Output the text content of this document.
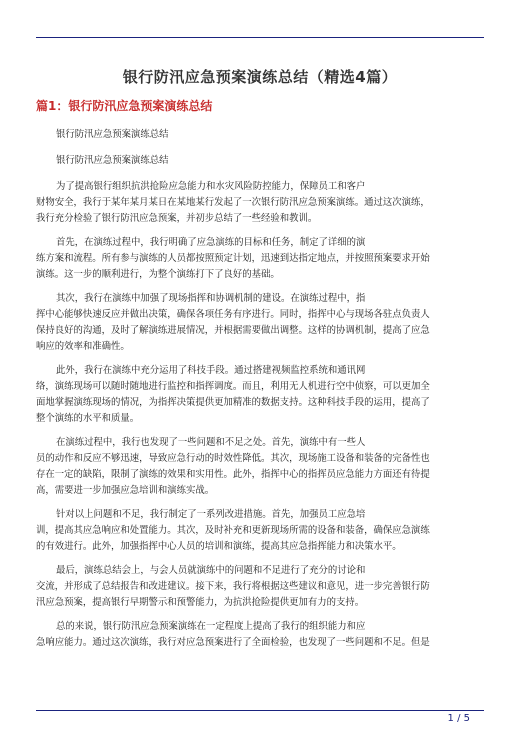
银行防汛应急预案演练总结（精选4篇）
篇1：银行防汛应急预案演练总结
银行防汛应急预案演练总结
银行防汛应急预案演练总结
为了提高银行组织抗洪抢险应急能力和水灾风险防控能力，保障员工和客户
财物安全，我行于某年某月某日在某地某行发起了一次银行防汛应急预案演练。通过这次演练，
我行充分检验了银行防汛应急预案，并初步总结了一些经验和教训。
首先，在演练过程中，我行明确了应急演练的目标和任务，制定了详细的演
练方案和流程。所有参与演练的人员都按照预定计划，迅速到达指定地点，并按照预案要求开始
演练。这一步的顺利进行，为整个演练打下了良好的基础。
其次，我行在演练中加强了现场指挥和协调机制的建设。在演练过程中，指
挥中心能够快速反应并做出决策，确保各项任务有序进行。同时，指挥中心与现场各驻点负责人
保持良好的沟通，及时了解演练进展情况，并根据需要做出调整。这样的协调机制，提高了应急
响应的效率和准确性。
此外，我行在演练中充分运用了科技手段。通过搭建视频监控系统和通讯网
络，演练现场可以随时随地进行监控和指挥调度。而且，利用无人机进行空中侦察，可以更加全
面地掌握演练现场的情况，为指挥决策提供更加精准的数据支持。这种科技手段的运用，提高了
整个演练的水平和质量。
在演练过程中，我行也发现了一些问题和不足之处。首先，演练中有一些人
员的动作和反应不够迅速，导致应急行动的时效性降低。其次，现场施工设备和装备的完备性也
存在一定的缺陷，限制了演练的效果和实用性。此外，指挥中心的指挥员应急能力方面还有待提
高，需要进一步加强应急培训和演练实战。
针对以上问题和不足，我行制定了一系列改进措施。首先，加强员工应急培
训，提高其应急响应和处置能力。其次，及时补充和更新现场所需的设备和装备，确保应急演练
的有效进行。此外，加强指挥中心人员的培训和演练，提高其应急指挥能力和决策水平。
最后，演练总结会上，与会人员就演练中的问题和不足进行了充分的讨论和
交流，并形成了总结报告和改进建议。接下来，我行将根据这些建议和意见，进一步完善银行防
汛应急预案，提高银行早期警示和预警能力，为抗洪抢险提供更加有力的支持。
总的来说，银行防汛应急预案演练在一定程度上提高了我行的组织能力和应
急响应能力。通过这次演练，我行对应急预案进行了全面检验，也发现了一些问题和不足。但是
1 / 5
